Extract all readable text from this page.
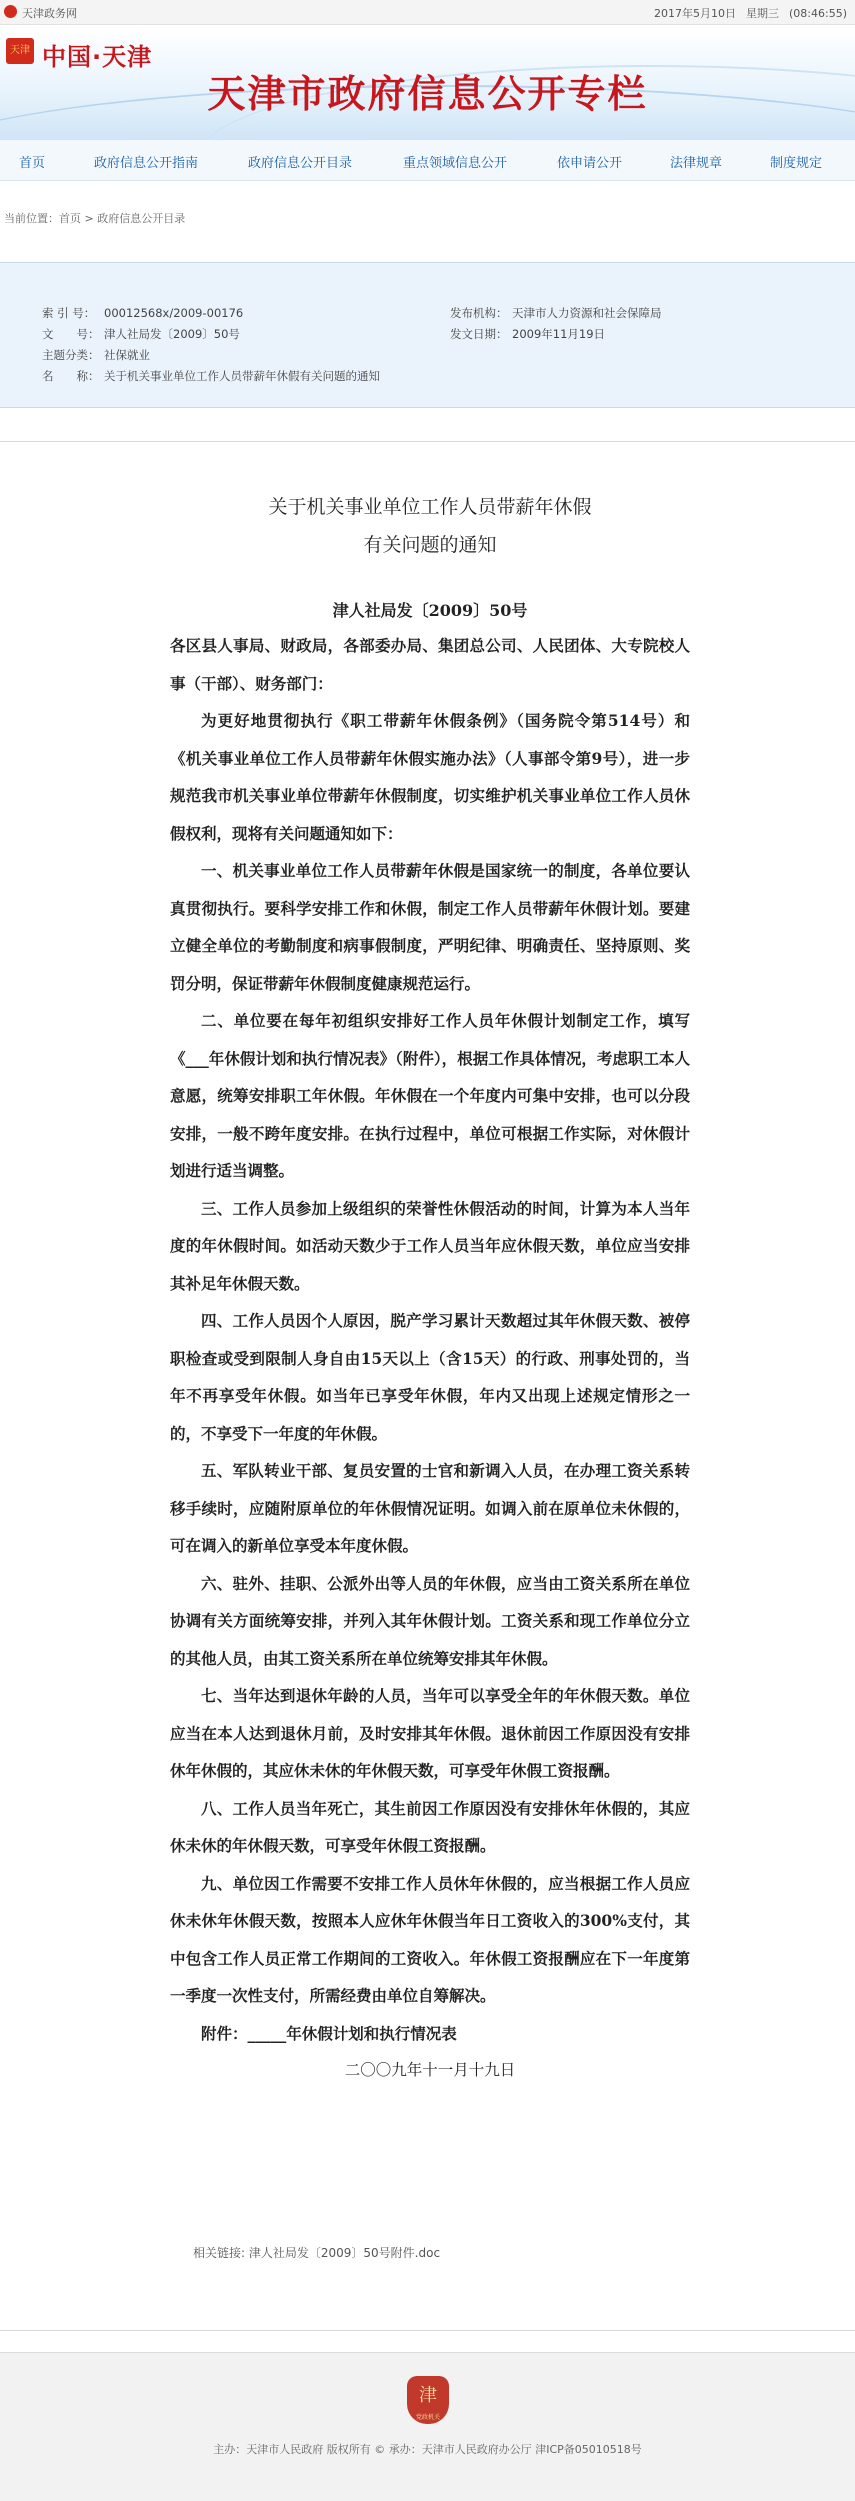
天津政务网	2017年5月10日 星期三 (08:46:55)
天津 中国·天津
天津市政府信息公开专栏
首页	政府信息公开指南	政府信息公开目录	重点领域信息公开	依申请公开	法律规章	制度规定
当前位置：首页 > 政府信息公开目录
索 引 号： 00012568x/2009-00176
文　　号： 津人社局发〔2009〕50号
主题分类： 社保就业
名　　称： 关于机关事业单位工作人员带薪年休假有关问题的通知
发布机构： 天津市人力资源和社会保障局
发文日期： 2009年11月19日
关于机关事业单位工作人员带薪年休假
有关问题的通知
津人社局发〔2009〕50号

各区县人事局、财政局，各部委办局、集团总公司、人民团体、大专院校人事（干部）、财务部门：

为更好地贯彻执行《职工带薪年休假条例》（国务院令第514号）和《机关事业单位工作人员带薪年休假实施办法》（人事部令第9号），进一步规范我市机关事业单位带薪年休假制度，切实维护机关事业单位工作人员休假权利，现将有关问题通知如下：

一、机关事业单位工作人员带薪年休假是国家统一的制度，各单位要认真贯彻执行。要科学安排工作和休假，制定工作人员带薪年休假计划。要建立健全单位的考勤制度和病事假制度，严明纪律、明确责任、坚持原则、奖罚分明，保证带薪年休假制度健康规范运行。

二、单位要在每年初组织安排好工作人员年休假计划制定工作，填写《___年休假计划和执行情况表》（附件），根据工作具体情况，考虑职工本人意愿，统筹安排职工年休假。年休假在一个年度内可集中安排，也可以分段安排，一般不跨年度安排。在执行过程中，单位可根据工作实际，对休假计划进行适当调整。

三、工作人员参加上级组织的荣誉性休假活动的时间，计算为本人当年度的年休假时间。如活动天数少于工作人员当年应休假天数，单位应当安排其补足年休假天数。

四、工作人员因个人原因，脱产学习累计天数超过其年休假天数、被停职检查或受到限制人身自由15天以上（含15天）的行政、刑事处罚的，当年不再享受年休假。如当年已享受年休假，年内又出现上述规定情形之一的，不享受下一年度的年休假。

五、军队转业干部、复员安置的士官和新调入人员，在办理工资关系转移手续时，应随附原单位的年休假情况证明。如调入前在原单位未休假的，可在调入的新单位享受本年度休假。

六、驻外、挂职、公派外出等人员的年休假，应当由工资关系所在单位协调有关方面统筹安排，并列入其年休假计划。工资关系和现工作单位分立的其他人员，由其工资关系所在单位统筹安排其年休假。

七、当年达到退休年龄的人员，当年可以享受全年的年休假天数。单位应当在本人达到退休月前，及时安排其年休假。退休前因工作原因没有安排休年休假的，其应休未休的年休假天数，可享受年休假工资报酬。

八、工作人员当年死亡，其生前因工作原因没有安排休年休假的，其应休未休的年休假天数，可享受年休假工资报酬。

九、单位因工作需要不安排工作人员休年休假的，应当根据工作人员应休未休年休假天数，按照本人应休年休假当年日工资收入的300%支付，其中包含工作人员正常工作期间的工资收入。年休假工资报酬应在下一年度第一季度一次性支付，所需经费由单位自筹解决。

附件：_____年休假计划和执行情况表

二〇〇九年十一月十九日

相关链接: 津人社局发〔2009〕50号附件.doc
津
党政机关
主办：天津市人民政府 版权所有 © 承办：天津市人民政府办公厅 津ICP备05010518号
